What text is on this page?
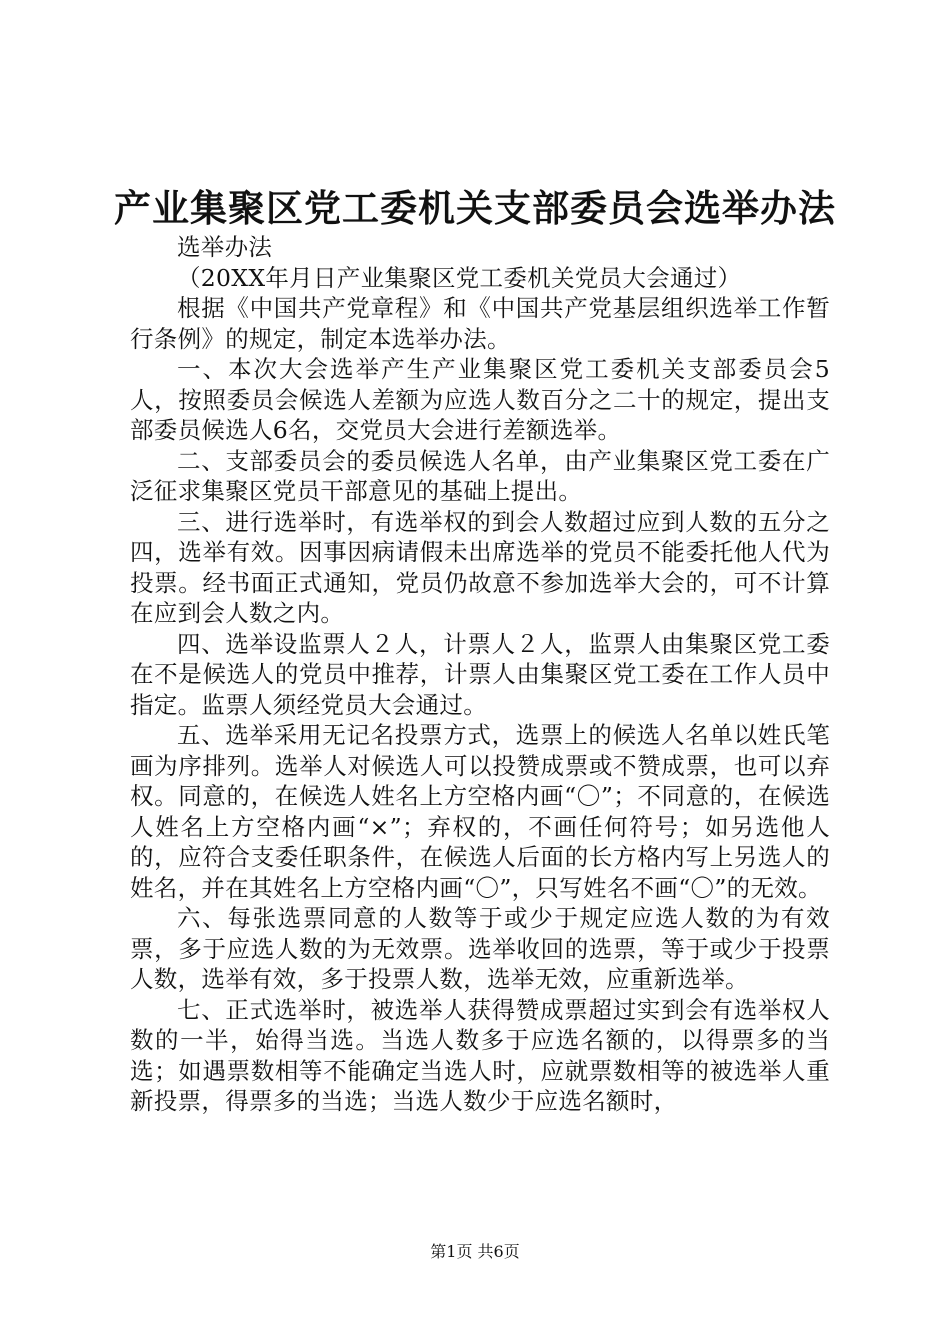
产业集聚区党工委机关支部委员会选举办法

选举办法

（20XX年月日产业集聚区党工委机关党员大会通过）

根据《中国共产党章程》和《中国共产党基层组织选举工作暂行条例》的规定，制定本选举办法。

一、本次大会选举产生产业集聚区党工委机关支部委员会5人，按照委员会候选人差额为应选人数百分之二十的规定，提出支部委员候选人6名，交党员大会进行差额选举。

二、支部委员会的委员候选人名单，由产业集聚区党工委在广泛征求集聚区党员干部意见的基础上提出。

三、进行选举时，有选举权的到会人数超过应到人数的五分之四，选举有效。因事因病请假未出席选举的党员不能委托他人代为投票。经书面正式通知，党员仍故意不参加选举大会的，可不计算在应到会人数之内。

四、选举设监票人２人，计票人２人，监票人由集聚区党工委在不是候选人的党员中推荐，计票人由集聚区党工委在工作人员中指定。监票人须经党员大会通过。

五、选举采用无记名投票方式，选票上的候选人名单以姓氏笔画为序排列。选举人对候选人可以投赞成票或不赞成票，也可以弃权。同意的，在候选人姓名上方空格内画“〇”；不同意的，在候选人姓名上方空格内画“×”；弃权的，不画任何符号；如另选他人的，应符合支委任职条件，在候选人后面的长方格内写上另选人的姓名，并在其姓名上方空格内画“〇”，只写姓名不画“〇”的无效。

六、每张选票同意的人数等于或少于规定应选人数的为有效票，多于应选人数的为无效票。选举收回的选票，等于或少于投票人数，选举有效，多于投票人数，选举无效，应重新选举。

七、正式选举时，被选举人获得赞成票超过实到会有选举权人数的一半，始得当选。当选人数多于应选名额的，以得票多的当选；如遇票数相等不能确定当选人时，应就票数相等的被选举人重新投票，得票多的当选；当选人数少于应选名额时，

第1页 共6页
